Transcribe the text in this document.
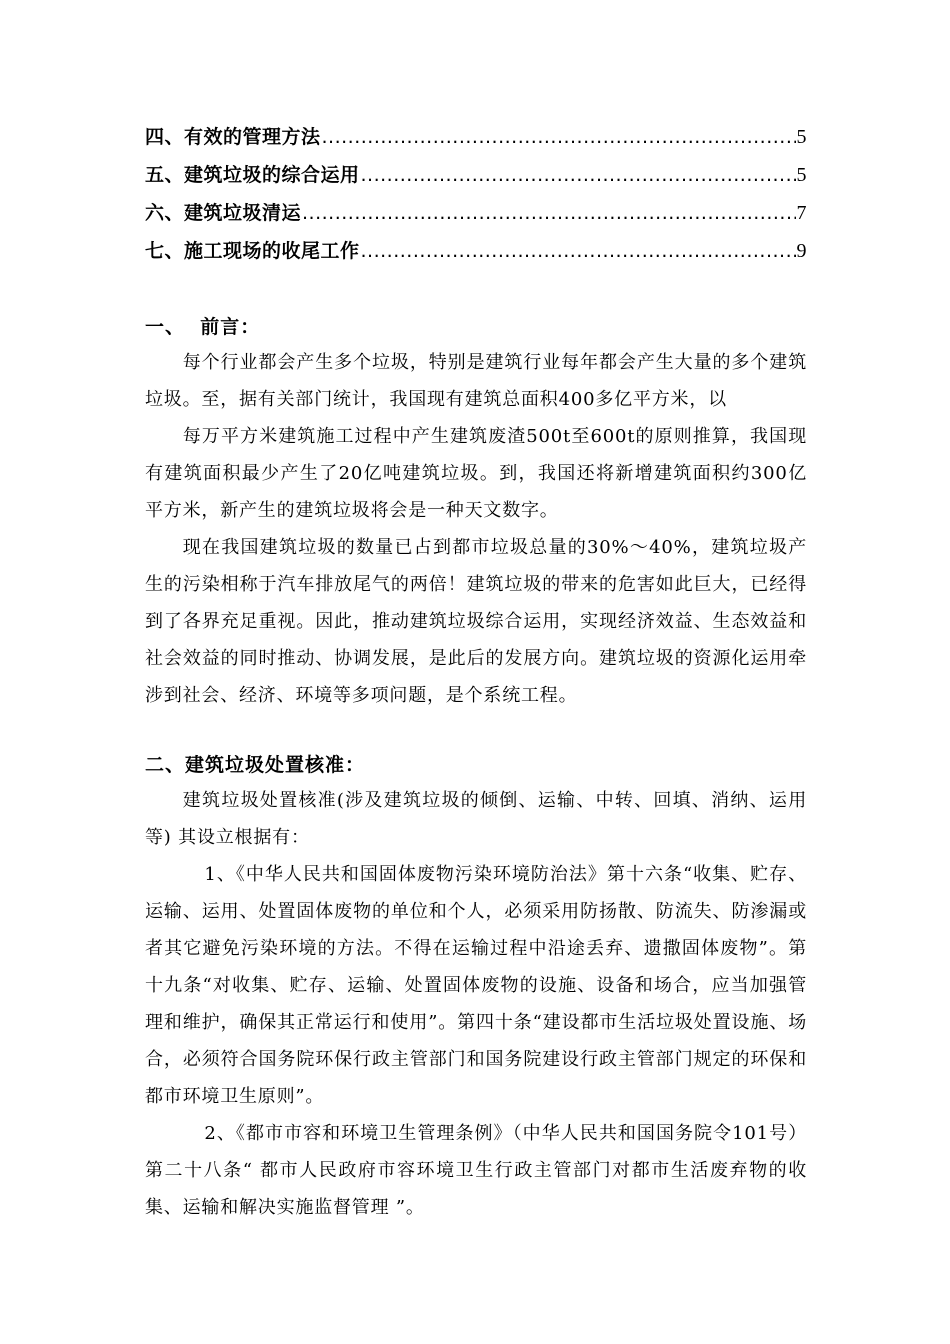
四、有效的管理方法 .....	5
五、建筑垃圾的综合运用 .....	5
六、建筑垃圾清运 .....	7
七、施工现场的收尾工作 .....	9
一、  前言：

每个行业都会产生多个垃圾，特别是建筑行业每年都会产生大量的多个建筑垃圾。至，据有关部门统计，我国现有建筑总面积400多亿平方米，以

每万平方米建筑施工过程中产生建筑废渣500t至600t的原则推算，我国现有建筑面积最少产生了20亿吨建筑垃圾。到，我国还将新增建筑面积约300亿平方米，新产生的建筑垃圾将会是一种天文数字。

现在我国建筑垃圾的数量已占到都市垃圾总量的30%～40%，建筑垃圾产生的污染相称于汽车排放尾气的两倍！建筑垃圾的带来的危害如此巨大，已经得到了各界充足重视。因此，推动建筑垃圾综合运用，实现经济效益、生态效益和社会效益的同时推动、协调发展，是此后的发展方向。建筑垃圾的资源化运用牵涉到社会、经济、环境等多项问题，是个系统工程。

二、建筑垃圾处置核准：

建筑垃圾处置核准(涉及建筑垃圾的倾倒、运输、中转、回填、消纳、运用等) 其设立根据有：

1、《中华人民共和国固体废物污染环境防治法》第十六条“收集、贮存、运输、运用、处置固体废物的单位和个人，必须采用防扬散、防流失、防渗漏或者其它避免污染环境的方法。不得在运输过程中沿途丢弃、遗撒固体废物”。第十九条“对收集、贮存、运输、处置固体废物的设施、设备和场合，应当加强管理和维护，确保其正常运行和使用”。第四十条“建设都市生活垃圾处置设施、场合，必须符合国务院环保行政主管部门和国务院建设行政主管部门规定的环保和都市环境卫生原则”。

2、《都市市容和环境卫生管理条例》（中华人民共和国国务院令101号）第二十八条“ 都市人民政府市容环境卫生行政主管部门对都市生活废弃物的收集、运输和解决实施监督管理 ”。
